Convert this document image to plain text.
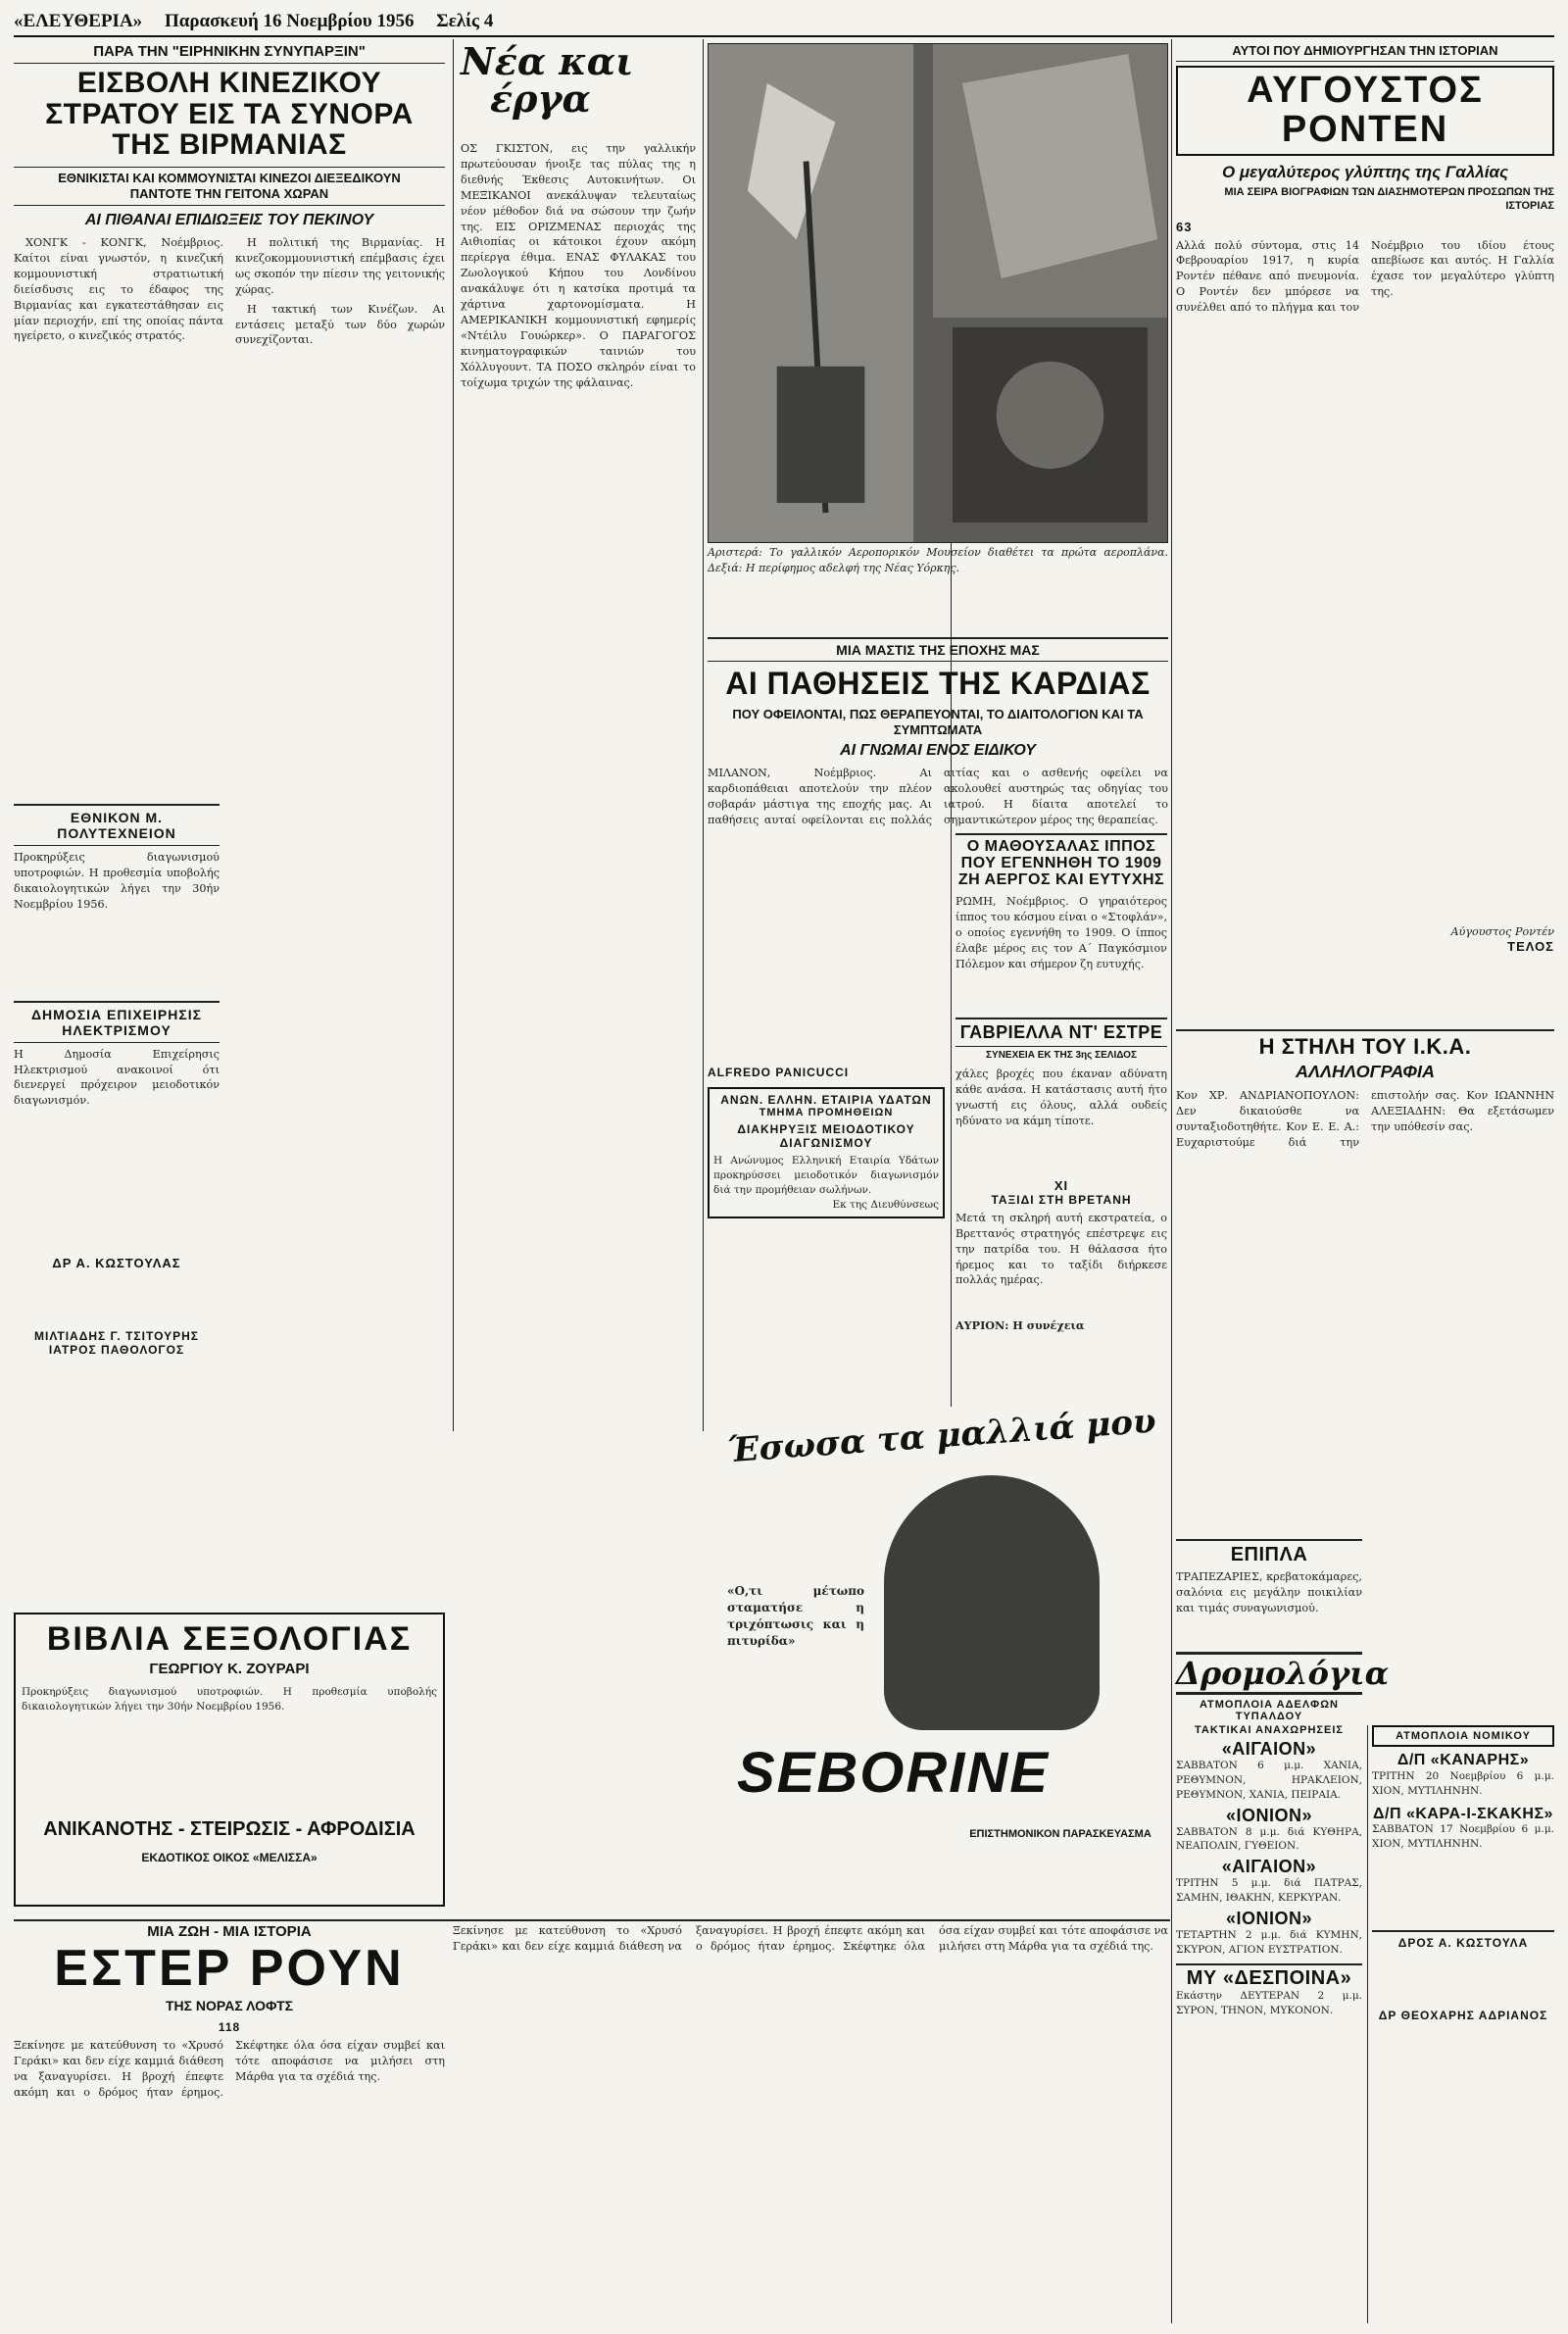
«ΕΛΕΥΘΕΡΙΑ» Παρασκευή 16 Νοεμβρίου 1956 Σελίς 4
ΠΑΡΑ ΤΗΝ "ΕΙΡΗΝΙΚΗΝ ΣΥΝΥΠΑΡΞΙΝ"
ΕΙΣΒΟΛΗ ΚΙΝΕΖΙΚΟΥ ΣΤΡΑΤΟΥ ΕΙΣ ΤΑ ΣΥΝΟΡΑ ΤΗΣ ΒΙΡΜΑΝΙΑΣ
ΕΘΝΙΚΙΣΤΑΙ ΚΑΙ ΚΟΜΜΟΥΝΙΣΤΑΙ ΚΙΝΕΖΟΙ ΔΙΕΞΕΔΙΚΟΥΝ ΠΑΝΤΟΤΕ ΤΗΝ ΓΕΙΤΟΝΑ ΧΩΡΑΝ
ΑΙ ΠΙΘΑΝΑΙ ΕΠΙΔΙΩΞΕΙΣ ΤΟΥ ΠΕΚΙΝΟΥ

ΧΟΝΓΚ - ΚΟΝΓΚ, Νοέμβριος. Καίτοι είναι γνωστόν, η κινεζική κομμουνιστική στρατιωτική διείσδυσις εις το έδαφος της Βιρμανίας και εγκατεστάθησαν εις μίαν περιοχήν, επί της οποίας πάντα ηγείρετο, ο κινεζικός στρατός.

Η πολιτική της Βιρμανίας. Η κινεζοκομμουνιστική επέμβασις έχει ως σκοπόν την πίεσιν της γειτονικής χώρας.

Η τακτική των Κινέζων. Αι εντάσεις μεταξύ των δύο χωρών συνεχίζονται.

ΕΘΝΙΚΟΝ Μ. ΠΟΛΥΤΕΧΝΕΙΟΝ
Προκηρύξεις διαγωνισμού υποτροφιών. Η προθεσμία υποβολής δικαιολογητικών λήγει την 30ήν Νοεμβρίου 1956.
ΔΗΜΟΣΙΑ ΕΠΙΧΕΙΡΗΣΙΣ ΗΛΕΚΤΡΙΣΜΟΥ
Η Δημοσία Επιχείρησις Ηλεκτρισμού ανακοινοί ότι διενεργεί πρόχειρον μειοδοτικόν διαγωνισμόν.
ΔΡ Α. ΚΩΣΤΟΥΛΑΣ
ΜΙΛΤΙΑΔΗΣ Γ. ΤΣΙΤΟΥΡΗΣ ΙΑΤΡΟΣ ΠΑΘΟΛΟΓΟΣ
ΒΙΒΛΙΑ ΣΕΞΟΛΟΓΙΑΣ
ΓΕΩΡΓΙΟΥ Κ. ΖΟΥΡΑΡΙ
Προκηρύξεις διαγωνισμού υποτροφιών. Η προθεσμία υποβολής δικαιολογητικών λήγει την 30ήν Νοεμβρίου 1956.
ΑΝΙΚΑΝΟΤΗΣ - ΣΤΕΙΡΩΣΙΣ - ΑΦΡΟΔΙΣΙΑ
ΕΚΔΟΤΙΚΟΣ ΟΙΚΟΣ «ΜΕΛΙΣΣΑ»
Νέα και
έργα
ΟΣ ΓΚΙΣΤΟΝ, εις την γαλλικήν πρωτεύουσαν ήνοιξε τας πύλας της η διεθνής Έκθεσις Αυτοκινήτων. Οι ΜΕΞΙΚΑΝΟΙ ανεκάλυψαν τελευταίως νέον μέθοδον διά να σώσουν την ζωήν της. ΕΙΣ ΟΡΙΖΜΕΝΑΣ περιοχάς της Αιθιοπίας οι κάτοικοι έχουν ακόμη περίεργα έθιμα. ΕΝΑΣ ΦΥΛΑΚΑΣ του Ζωολογικού Κήπου του Λονδίνου ανακάλυψε ότι η κατσίκα προτιμά τα χάρτινα χαρτονομίσματα. Η ΑΜΕΡΙΚΑΝΙΚΗ κομμουνιστική εφημερίς «Ντέιλυ Γουώρκερ». Ο ΠΑΡΑΓΟΓΟΣ κινηματογραφικών ταινιών του Χόλλυγουντ. ΤΑ ΠΟΣΟ σκληρόν είναι το τοίχωμα τριχών της φάλαινας.
Αριστερά: Το γαλλικόν Αεροπορικόν Μουσείον διαθέτει τα πρώτα αεροπλάνα. Δεξιά: Η περίφημος αδελφή της Νέας Υόρκης.
ΜΙΑ ΜΑΣΤΙΣ ΤΗΣ ΕΠΟΧΗΣ ΜΑΣ
ΑΙ ΠΑΘΗΣΕΙΣ ΤΗΣ ΚΑΡΔΙΑΣ
ΠΟΥ ΟΦΕΙΛΟΝΤΑΙ, ΠΩΣ ΘΕΡΑΠΕΥΟΝΤΑΙ, ΤΟ ΔΙΑΙΤΟΛΟΓΙΟΝ ΚΑΙ ΤΑ ΣΥΜΠΤΩΜΑΤΑ
ΑΙ ΓΝΩΜΑΙ ΕΝΟΣ ΕΙΔΙΚΟΥ
ΜΙΛΑΝΟΝ, Νοέμβριος. Αι καρδιοπάθειαι αποτελούν την πλέον σοβαράν μάστιγα της εποχής μας. Αι παθήσεις αυταί οφείλονται εις πολλάς αιτίας και ο ασθενής οφείλει να ακολουθεί αυστηρώς τας οδηγίας του ιατρού. Η δίαιτα αποτελεί το σημαντικώτερον μέρος της θεραπείας.
ALFREDO PANICUCCI
ΑΝΩΝ. ΕΛΛΗΝ. ΕΤΑΙΡΙΑ ΥΔΑΤΩΝ
ΤΜΗΜΑ ΠΡΟΜΗΘΕΙΩΝ
ΔΙΑΚΗΡΥΞΙΣ ΜΕΙΟΔΟΤΙΚΟΥ ΔΙΑΓΩΝΙΣΜΟΥ
Η Ανώνυμος Ελληνική Εταιρία Υδάτων προκηρύσσει μειοδοτικόν διαγωνισμόν διά την προμήθειαν σωλήνων.
Εκ της Διευθύνσεως
Ο ΜΑΘΟΥΣΑΛΑΣ ΙΠΠΟΣ ΠΟΥ ΕΓΕΝΝΗΘΗ ΤΟ 1909 ΖΗ ΑΕΡΓΟΣ ΚΑΙ ΕΥΤΥΧΗΣ
ΡΩΜΗ, Νοέμβριος. Ο γηραιότερος ίππος του κόσμου είναι ο «Στοφλάν», ο οποίος εγεννήθη το 1909. Ο ίππος έλαβε μέρος εις τον Α΄ Παγκόσμιον Πόλεμον και σήμερον ζη ευτυχής.
ΓΑΒΡΙΕΛΛΑ ΝΤ' ΕΣΤΡΕ
ΣΥΝΕΧΕΙΑ ΕΚ ΤΗΣ 3ης ΣΕΛΙΔΟΣ
χάλες βροχές που έκαναν αδύνατη κάθε ανάσα. Η κατάστασις αυτή ήτο γνωστή εις όλους, αλλά ουδείς ηδύνατο να κάμη τίποτε.
ΧΙ
ΤΑΞΙΔΙ ΣΤΗ ΒΡΕΤΑΝΗ
Μετά τη σκληρή αυτή εκστρατεία, ο Βρεττανός στρατηγός επέστρεψε εις την πατρίδα του. Η θάλασσα ήτο ήρεμος και το ταξίδι διήρκεσε πολλάς ημέρας.
ΑΥΡΙΟΝ: Η συνέχεια
ΑΥΤΟΙ ΠΟΥ ΔΗΜΙΟΥΡΓΗΣΑΝ ΤΗΝ ΙΣΤΟΡΙΑΝ
ΑΥΓΟΥΣΤΟΣ ΡΟΝΤΕΝ
Ο μεγαλύτερος γλύπτης της Γαλλίας
ΜΙΑ ΣΕΙΡΑ ΒΙΟΓΡΑΦΙΩΝ ΤΩΝ ΔΙΑΣΗΜΟΤΕΡΩΝ ΠΡΟΣΩΠΩΝ ΤΗΣ ΙΣΤΟΡΙΑΣ
63
Αλλά πολύ σύντομα, στις 14 Φεβρουαρίου 1917, η κυρία Ροντέν πέθανε από πνευμονία. Ο Ροντέν δεν μπόρεσε να συνέλθει από το πλήγμα και τον Νοέμβριο του ιδίου έτους απεβίωσε και αυτός. Η Γαλλία έχασε τον μεγαλύτερο γλύπτη της.
Αύγουστος Ροντέν
ΤΕΛΟΣ
Η ΣΤΗΛΗ ΤΟΥ Ι.Κ.Α.
ΑΛΛΗΛΟΓΡΑΦΙΑ
Κον ΧΡ. ΑΝΔΡΙΑΝΟΠΟΥΛΟΝ: Δεν δικαιούσθε να συνταξιοδοτηθήτε. Κον Ε. Ε. Α.: Ευχαριστούμε διά την επιστολήν σας. Κον ΙΩΑΝΝΗΝ ΑΛΕΞΙΑΔΗΝ: Θα εξετάσωμεν την υπόθεσίν σας.
Έσωσα τα μαλλιά μου
«Ο,τι μέτωπο σταματήσε η τριχόπτωσις και η πιτυρίδα»
SEBORINE
ΕΠΙΣΤΗΜΟΝΙΚΟΝ ΠΑΡΑΣΚΕΥΑΣΜΑ
ΕΠΙΠΛΑ
ΤΡΑΠΕΖΑΡΙΕΣ, κρεβατοκάμαρες, σαλόνια εις μεγάλην ποικιλίαν και τιμάς συναγωνισμού.
Δρομολόγια
ΑΤΜΟΠΛΟΙΑ ΑΔΕΛΦΩΝ ΤΥΠΑΛΔΟΥ
ΤΑΚΤΙΚΑΙ ΑΝΑΧΩΡΗΣΕΙΣ
«ΑΙΓΑΙΟΝ»
ΣΑΒΒΑΤΟΝ 6 μ.μ. ΧΑΝΙΑ, ΡΕΘΥΜΝΟΝ, ΗΡΑΚΛΕΙΟΝ, ΡΕΘΥΜΝΟΝ, ΧΑΝΙΑ, ΠΕΙΡΑΙΑ.
«ΙΟΝΙΟΝ»
ΣΑΒΒΑΤΟΝ 8 μ.μ. διά ΚΥΘΗΡΑ, ΝΕΑΠΟΛΙΝ, ΓΥΘΕΙΟΝ.
«ΑΙΓΑΙΟΝ»
ΤΡΙΤΗΝ 5 μ.μ. διά ΠΑΤΡΑΣ, ΣΑΜΗΝ, ΙΘΑΚΗΝ, ΚΕΡΚΥΡΑΝ.
«ΙΟΝΙΟΝ»
ΤΕΤΑΡΤΗΝ 2 μ.μ. διά ΚΥΜΗΝ, ΣΚΥΡΟΝ, ΑΓΙΟΝ ΕΥΣΤΡΑΤΙΟΝ.
ΜΥ «ΔΕΣΠΟΙΝΑ»
Εκάστην ΔΕΥΤΕΡΑΝ 2 μ.μ. ΣΥΡΟΝ, ΤΗΝΟΝ, ΜΥΚΟΝΟΝ.
ΑΤΜΟΠΛΟΙΑ ΝΟΜΙΚΟΥ
Δ/Π «ΚΑΝΑΡΗΣ»
ΤΡΙΤΗΝ 20 Νοεμβρίου 6 μ.μ. ΧΙΟΝ, ΜΥΤΙΛΗΝΗΝ.
Δ/Π «ΚΑΡΑ-Ι-ΣΚΑΚΗΣ»
ΣΑΒΒΑΤΟΝ 17 Νοεμβρίου 6 μ.μ. ΧΙΟΝ, ΜΥΤΙΛΗΝΗΝ.
ΔΡΟΣ Α. ΚΩΣΤΟΥΛΑ
ΔΡ ΘΕΟΧΑΡΗΣ ΑΔΡΙΑΝΟΣ
ΜΙΑ ΖΩΗ - ΜΙΑ ΙΣΤΟΡΙΑ
ΕΣΤΕΡ ΡΟΥΝ
ΤΗΣ ΝΟΡΑΣ ΛΟΦΤΣ
118
Ξεκίνησε με κατεύθυνση το «Χρυσό Γεράκι» και δεν είχε καμμιά διάθεση να ξαναγυρίσει. Η βροχή έπεφτε ακόμη και ο δρόμος ήταν έρημος. Σκέφτηκε όλα όσα είχαν συμβεί και τότε αποφάσισε να μιλήσει στη Μάρθα για τα σχέδιά της.
Ξεκίνησε με κατεύθυνση το «Χρυσό Γεράκι» και δεν είχε καμμιά διάθεση να ξαναγυρίσει. Η βροχή έπεφτε ακόμη και ο δρόμος ήταν έρημος. Σκέφτηκε όλα όσα είχαν συμβεί και τότε αποφάσισε να μιλήσει στη Μάρθα για τα σχέδιά της.
